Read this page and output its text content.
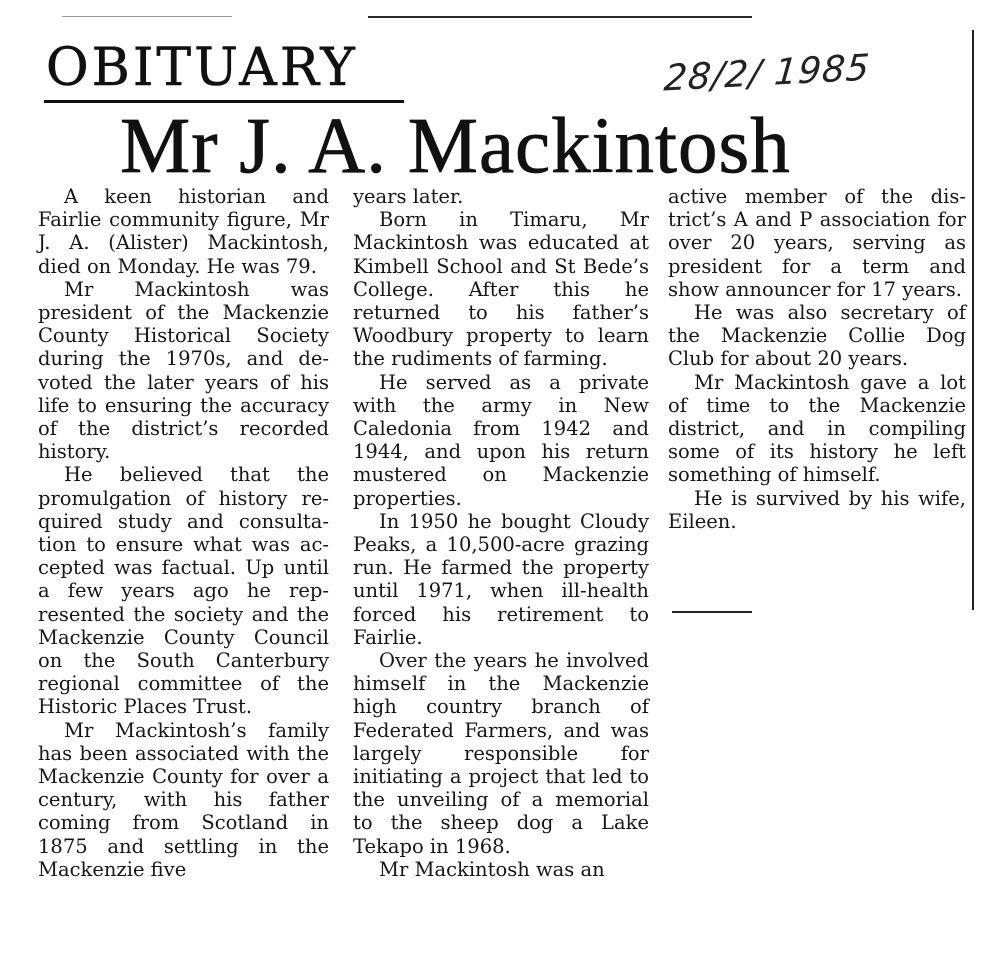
OBITUARY	28/2/ 1985
Mr J. A. Mackintosh

A keen historian and Fairlie community figure, Mr J. A. (Alister) Mackintosh, died on Monday. He was 79.

Mr Mackintosh was president of the Mackenzie County Historical Society during the 1970s, and devoted the later years of his life to ensuring the accuracy of the district’s recorded history.

He believed that the promulgation of history required study and consultation to ensure what was accepted was factual. Up until a few years ago he represented the society and the Mackenzie County Council on the South Canterbury regional committee of the Historic Places Trust.

Mr Mackintosh’s family has been associated with the Mackenzie County for over a century, with his father coming from Scotland in 1875 and settling in the Mackenzie five

years later.

Born in Timaru, Mr Mackintosh was educated at Kimbell School and St Bede’s College. After this he returned to his father’s Woodbury property to learn the rudiments of farming.

He served as a private with the army in New Caledonia from 1942 and 1944, and upon his return mustered on Mackenzie properties.

In 1950 he bought Cloudy Peaks, a 10,500-acre grazing run. He farmed the property until 1971, when ill-health forced his retirement to Fairlie.

Over the years he involved himself in the Mackenzie high country branch of Federated Farmers, and was largely responsible for initiating a project that led to the unveiling of a memorial to the sheep dog a Lake Tekapo in 1968.

Mr Mackintosh was an

active member of the district’s A and P association for over 20 years, serving as president for a term and show announcer for 17 years.

He was also secretary of the Mackenzie Collie Dog Club for about 20 years.

Mr Mackintosh gave a lot of time to the Mackenzie district, and in compiling some of its history he left something of himself.

He is survived by his wife, Eileen.
